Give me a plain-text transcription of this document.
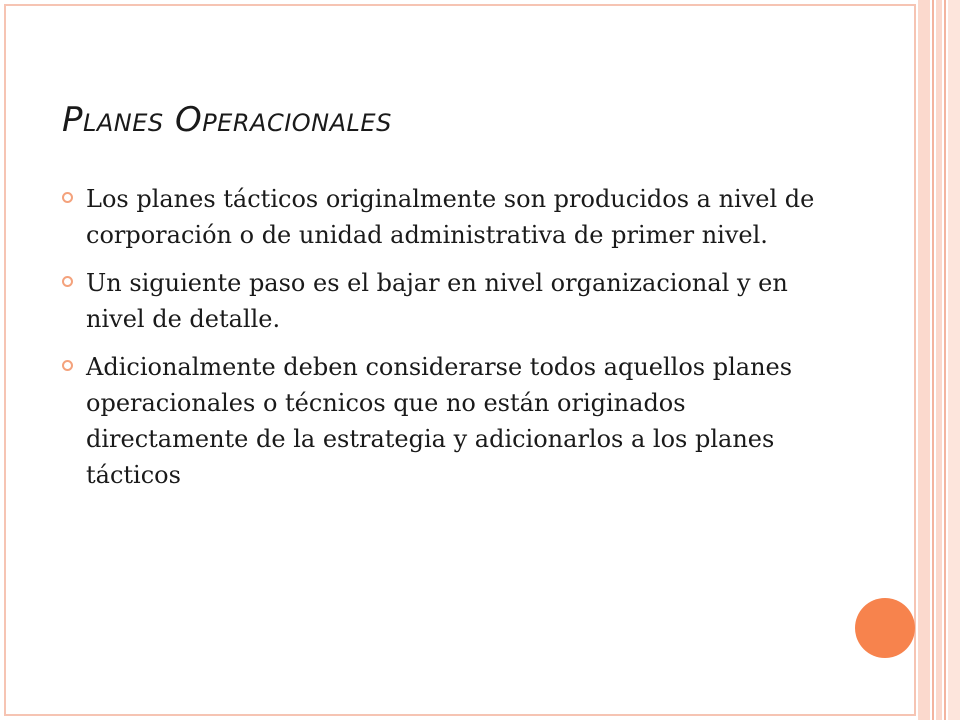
Planes Operacionales
Los planes tácticos originalmente son producidos a nivel de corporación o de unidad administrativa de primer nivel.
Un siguiente paso es el bajar en nivel organizacional y en nivel de detalle.
Adicionalmente deben considerarse todos aquellos planes operacionales o técnicos que no están originados directamente de la estrategia y adicionarlos a los planes tácticos
